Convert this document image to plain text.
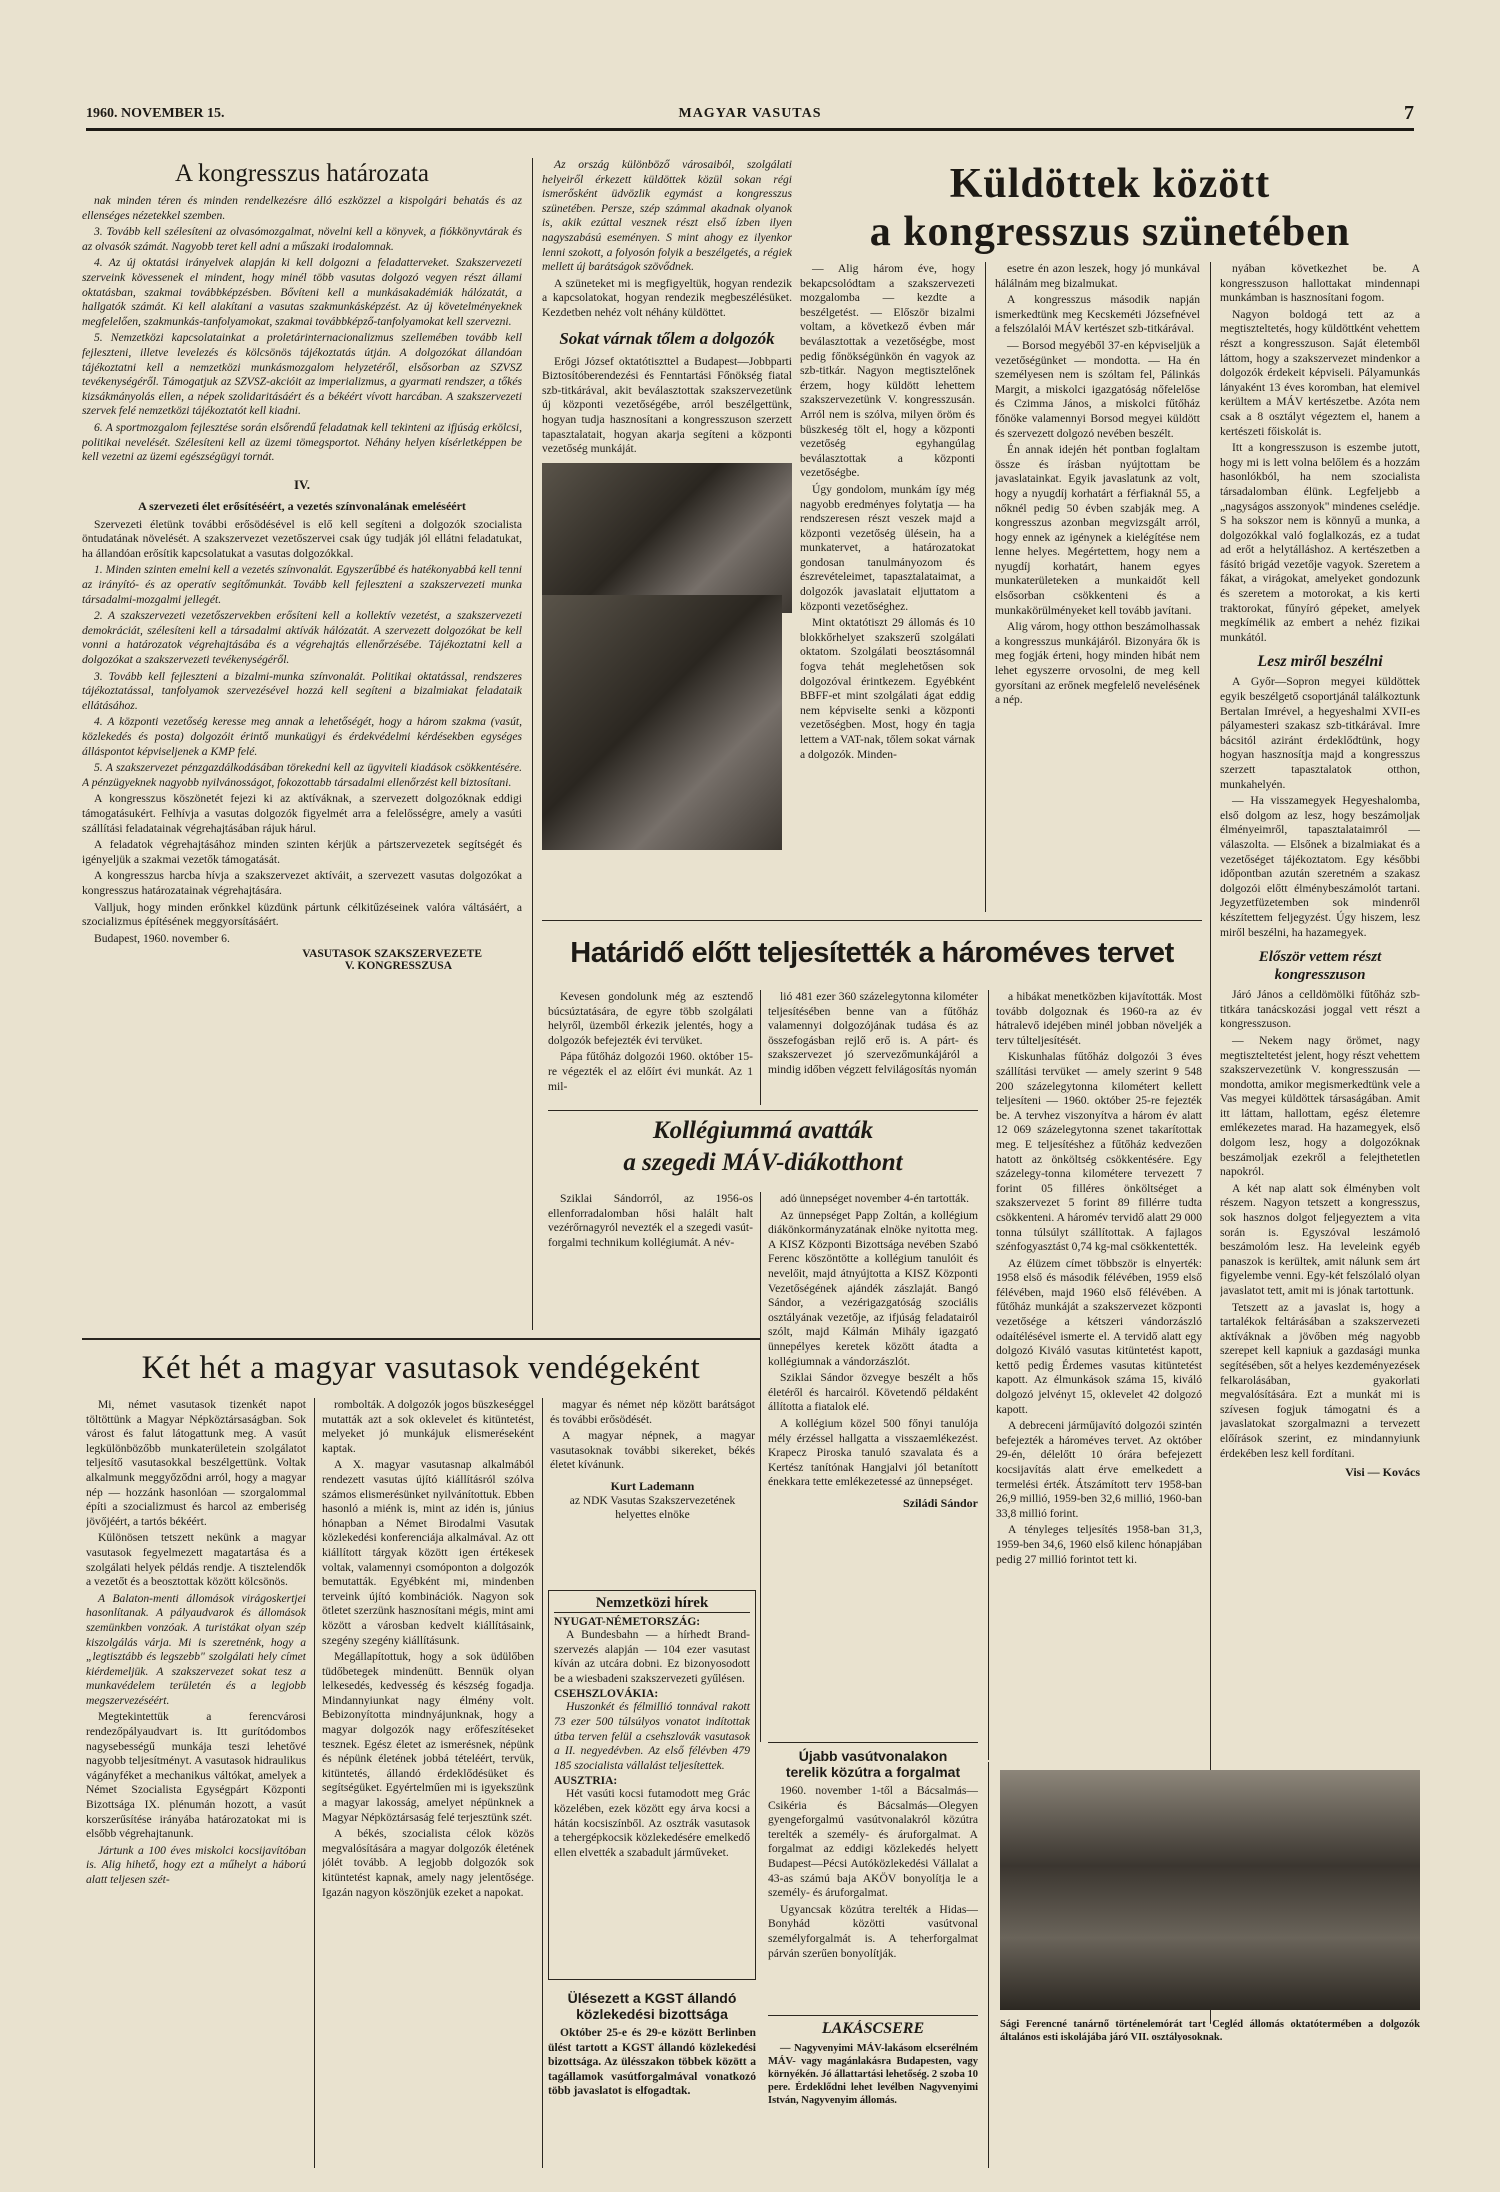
1960. NOVEMBER 15.	MAGYAR VASUTAS	7
A kongresszus határozata

nak minden téren és minden rendelkezésre álló eszközzel a kispolgári behatás és az ellenséges nézetekkel szemben.

3. Tovább kell szélesíteni az olvasómozgalmat, növelni kell a könyvek, a fiókkönyvtárak és az olvasók számát. Nagyobb teret kell adni a műszaki irodalomnak.

4. Az új oktatási irányelvek alapján ki kell dolgozni a feladatterveket. Szakszervezeti szerveink kövessenek el mindent, hogy minél több vasutas dolgozó vegyen részt állami oktatásban, szakmai továbbképzésben. Bővíteni kell a munkásakadémiák hálózatát, a hallgatók számát. Ki kell alakítani a vasutas szakmunkásképzést. Az új követelményeknek megfelelően, szakmunkás-tanfolyamokat, szakmai továbbképző-tanfolyamokat kell szervezni.

5. Nemzetközi kapcsolatainkat a proletárinternacionalizmus szellemében tovább kell fejleszteni, illetve levelezés és kölcsönös tájékoztatás útján. A dolgozókat állandóan tájékoztatni kell a nemzetközi munkásmozgalom helyzetéről, elsősorban az SZVSZ tevékenységéről. Támogatjuk az SZVSZ-akcióit az imperializmus, a gyarmati rendszer, a tőkés kizsákmányolás ellen, a népek szolidaritásáért és a békéért vívott harcában. A szakszervezeti szervek felé nemzetközi tájékoztatót kell kiadni.

6. A sportmozgalom fejlesztése során elsőrendű feladatnak kell tekinteni az ifjúság erkölcsi, politikai nevelését. Szélesíteni kell az üzemi tömegsportot. Néhány helyen kísérletképpen be kell vezetni az üzemi egészségügyi tornát.

IV.
A szervezeti élet erősítéséért, a vezetés színvonalának emeléséért

Szervezeti életünk további erősödésével is elő kell segíteni a dolgozók szocialista öntudatának növelését. A szakszervezet vezetőszervei csak úgy tudják jól ellátni feladatukat, ha állandóan erősítik kapcsolatukat a vasutas dolgozókkal.

1. Minden szinten emelni kell a vezetés színvonalát. Egyszerűbbé és hatékonyabbá kell tenni az irányító- és az operatív segítőmunkát. Tovább kell fejleszteni a szakszervezeti munka társadalmi-mozgalmi jellegét.

2. A szakszervezeti vezetőszervekben erősíteni kell a kollektív vezetést, a szakszervezeti demokráciát, szélesíteni kell a társadalmi aktívák hálózatát. A szervezett dolgozókat be kell vonni a határozatok végrehajtásába és a végrehajtás ellenőrzésébe. Tájékoztatni kell a dolgozókat a szakszervezeti tevékenységéről.

3. Tovább kell fejleszteni a bizalmi-munka színvonalát. Politikai oktatással, rendszeres tájékoztatással, tanfolyamok szervezésével hozzá kell segíteni a bizalmiakat feladataik ellátásához.

4. A központi vezetőség keresse meg annak a lehetőségét, hogy a három szakma (vasút, közlekedés és posta) dolgozóit érintő munkaügyi és érdekvédelmi kérdésekben egységes álláspontot képviseljenek a KMP felé.

5. A szakszervezet pénzgazdálkodásában törekedni kell az ügyviteli kiadások csökkentésére. A pénzügyeknek nagyobb nyilvánosságot, fokozottabb társadalmi ellenőrzést kell biztosítani.

A kongresszus köszönetét fejezi ki az aktíváknak, a szervezett dolgozóknak eddigi támogatásukért. Felhívja a vasutas dolgozók figyelmét arra a felelősségre, amely a vasúti szállítási feladatainak végrehajtásában rájuk hárul.

A feladatok végrehajtásához minden szinten kérjük a pártszervezetek segítségét és igényeljük a szakmai vezetők támogatását.

A kongresszus harcba hívja a szakszervezet aktíváit, a szervezett vasutas dolgozókat a kongresszus határozatainak végrehajtására.

Valljuk, hogy minden erőnkkel küzdünk pártunk célkitűzéseinek valóra váltásáért, a szocializmus építésének meggyorsításáért.

Budapest, 1960. november 6.

VASUTASOK SZAKSZERVEZETE
V. KONGRESSZUSA

Az ország különböző városaiból, szolgálati helyeiről érkezett küldöttek közül sokan régi ismerősként üdvözlik egymást a kongresszus szünetében. Persze, szép számmal akadnak olyanok is, akik ezúttal vesznek részt első ízben ilyen nagyszabású eseményen. S mint ahogy ez ilyenkor lenni szokott, a folyosón folyik a beszélgetés, a régiek mellett új barátságok szövődnek.

A szüneteket mi is megfigyeltük, hogyan rendezik a kapcsolatokat, hogyan rendezik megbeszélésüket. Kezdetben nehéz volt néhány küldöttet.

Sokat várnak tőlem a dolgozók

Erőgi József oktatótiszttel a Budapest—Jobbparti Biztosítóberendezési és Fenntartási Főnökség fiatal szb-titkárával, akit beválasztottak szakszervezetünk új központi vezetőségébe, arról beszélgettünk, hogyan tudja hasznosítani a kongresszuson szerzett tapasztalatait, hogyan akarja segíteni a központi vezetőség munkáját.

Küldöttek között
a kongresszus szünetében

— Alig három éve, hogy bekapcsolódtam a szakszervezeti mozgalomba — kezdte a beszélgetést. — Először bizalmi voltam, a következő évben már beválasztottak a vezetőségbe, most pedig főnökségünkön én vagyok az szb-titkár. Nagyon megtisztelőnek érzem, hogy küldött lehettem szakszervezetünk V. kongresszusán. Arról nem is szólva, milyen öröm és büszkeség tölt el, hogy a központi vezetőség egyhangúlag beválasztottak a központi vezetőségbe.

Úgy gondolom, munkám így még nagyobb eredményes folytatja — ha rendszeresen részt veszek majd a központi vezetőség ülésein, ha a munkatervet, a határozatokat gondosan tanulmányozom és észrevételeimet, tapasztalataimat, a dolgozók javaslatait eljuttatom a központi vezetőséghez.

Mint oktatótiszt 29 állomás és 10 blokkőrhelyet szakszerű szolgálati oktatom. Szolgálati beosztásomnál fogva tehát meglehetősen sok dolgozóval érintkezem. Egyébként BBFF-et mint szolgálati ágat eddig nem képviselte senki a központi vezetőségben. Most, hogy én tagja lettem a VAT-nak, tőlem sokat várnak a dolgozók. Minden-

esetre én azon leszek, hogy jó munkával hálálnám meg bizalmukat.

A kongresszus második napján ismerkedtünk meg Kecskeméti Józsefnével a felszólalói MÁV kertészet szb-titkárával.

— Borsod megyéből 37-en képviseljük a vezetőségünket — mondotta. — Ha én személyesen nem is szóltam fel, Pálinkás Margit, a miskolci igazgatóság nőfelelőse és Czimma János, a miskolci fűtőház főnöke valamennyi Borsod megyei küldött és szervezett dolgozó nevében beszélt.

Én annak idején hét pontban foglaltam össze és írásban nyújtottam be javaslatainkat. Egyik javaslatunk az volt, hogy a nyugdíj korhatárt a férfiaknál 55, a nőknél pedig 50 évben szabják meg. A kongresszus azonban megvizsgált arról, hogy ennek az igénynek a kielégítése nem lenne helyes. Megértettem, hogy nem a nyugdíj korhatárt, hanem egyes munkaterületeken a munkaidőt kell elsősorban csökkenteni és a munkakörülményeket kell tovább javítani.

Alig várom, hogy otthon beszámolhassak a kongresszus munkájáról. Bizonyára ők is meg fogják érteni, hogy minden hibát nem lehet egyszerre orvosolni, de meg kell gyorsítani az erőnek megfelelő nevelésének a nép.

nyában következhet be. A kongresszuson hallottakat mindennapi munkámban is hasznosítani fogom.

Nagyon boldogá tett az a megtiszteltetés, hogy küldöttként vehettem részt a kongresszuson. Saját életemből láttom, hogy a szakszervezet mindenkor a dolgozók érdekeit képviseli. Pályamunkás lányaként 13 éves koromban, hat elemivel kerültem a MÁV kertészetbe. Azóta nem csak a 8 osztályt végeztem el, hanem a kertészeti főiskolát is.

Itt a kongresszuson is eszembe jutott, hogy mi is lett volna belőlem és a hozzám hasonlókból, ha nem szocialista társadalomban élünk. Legfeljebb a „nagyságos asszonyok" mindenes cselédje. S ha sokszor nem is könnyű a munka, a dolgozókkal való foglalkozás, ez a tudat ad erőt a helytálláshoz. A kertészetben a fásító brigád vezetője vagyok. Szeretem a fákat, a virágokat, amelyeket gondozunk és szeretem a motorokat, a kis kerti traktorokat, fűnyíró gépeket, amelyek megkímélik az embert a nehéz fizikai munkától.

Lesz miről beszélni

A Győr—Sopron megyei küldöttek egyik beszélgető csoportjánál találkoztunk Bertalan Imrével, a hegyeshalmi XVII-es pályamesteri szakasz szb-titkárával. Imre bácsitól aziránt érdeklődtünk, hogy hogyan hasznosítja majd a kongresszus szerzett tapasztalatok otthon, munkahelyén.

— Ha visszamegyek Hegyeshalomba, első dolgom az lesz, hogy beszámoljak élményeimről, tapasztalataimról — válaszolta. — Elsőnek a bizalmiakat és a vezetőséget tájékoztatom. Egy későbbi időpontban azután szeretném a szakasz dolgozói előtt élménybeszámolót tartani. Jegyzetfüzetemben sok mindenről készítettem feljegyzést. Úgy hiszem, lesz miről beszélni, ha hazamegyek.

Először vettem részt kongresszuson

Járó János a celldömölki fűtőház szb-titkára tanácskozási joggal vett részt a kongresszuson.

— Nekem nagy örömet, nagy megtiszteltetést jelent, hogy részt vehettem szakszervezetünk V. kongresszusán — mondotta, amikor megismerkedtünk vele a Vas megyei küldöttek társaságában. Amit itt láttam, hallottam, egész életemre emlékezetes marad. Ha hazamegyek, első dolgom lesz, hogy a dolgozóknak beszámoljak ezekről a felejthetetlen napokról.

A két nap alatt sok élményben volt részem. Nagyon tetszett a kongresszus, sok hasznos dolgot feljegyeztem a vita során is. Egyszóval leszámoló beszámolóm lesz. Ha leveleink egyéb panaszok is kerültek, amit nálunk sem árt figyelembe venni. Egy-két felszólaló olyan javaslatot tett, amit mi is jónak tartottunk.

Tetszett az a javaslat is, hogy a tartalékok feltárásában a szakszervezeti aktíváknak a jövőben még nagyobb szerepet kell kapniuk a gazdasági munka segítésében, sőt a helyes kezdeményezések felkarolásában, gyakorlati megvalósítására. Ezt a munkát mi is szívesen fogjuk támogatni és a javaslatokat szorgalmazni a tervezett előírások szerint, ez mindannyiunk érdekében lesz kell fordítani.

Visi — Kovács
Határidő előtt teljesítették a hároméves tervet

Kevesen gondolunk még az esztendő búcsúztatására, de egyre több szolgálati helyről, üzemből érkezik jelentés, hogy a dolgozók befejezték évi tervüket.

Pápa fűtőház dolgozói 1960. október 15-re végezték el az előírt évi munkát. Az 1 mil-

lió 481 ezer 360 százelegytonna kilométer teljesítésében benne van a fűtőház valamennyi dolgozójának tudása és az összefogásban rejlő erő is. A párt- és szakszervezet jó szervezőmunkájáról a mindig időben végzett felvilágosítás nyomán

a hibákat menetközben kijavították. Most tovább dolgoznak és 1960-ra az év hátralevő idejében minél jobban növeljék a terv túlteljesítését.

Kiskunhalas fűtőház dolgozói 3 éves szállítási tervüket — amely szerint 9 548 200 százelegytonna kilométert kellett teljesíteni — 1960. október 25-re fejezték be. A tervhez viszonyítva a három év alatt 12 069 százelegytonna szenet takarítottak meg. E teljesítéshez a fűtőház kedvezően hatott az önköltség csökkentésére. Egy százelegy-tonna kilométere tervezett 7 forint 05 filléres önköltséget a szakszervezet 5 forint 89 fillérre tudta csökkenteni. A háromév tervidő alatt 29 000 tonna túlsúlyt szállítottak. A fajlagos szénfogyasztást 0,74 kg-mal csökkentették.

Az élüzem címet többször is elnyerték: 1958 első és második félévében, 1959 első félévében, majd 1960 első félévében. A fűtőház munkáját a szakszervezet központi vezetősége a kétszeri vándorzászló odaítélésével ismerte el. A tervidő alatt egy dolgozó Kiváló vasutas kitüntetést kapott, kettő pedig Érdemes vasutas kitüntetést kapott. Az élmunkások száma 15, kiváló dolgozó jelvényt 15, oklevelet 42 dolgozó kapott.

A debreceni járműjavító dolgozói szintén befejezték a hároméves tervet. Az október 29-én, délelőtt 10 órára befejezett kocsijavítás alatt érve emelkedett a termelési érték. Átszámított terv 1958-ban 26,9 millió, 1959-ben 32,6 millió, 1960-ban 33,8 millió forint.

A tényleges teljesítés 1958-ban 31,3, 1959-ben 34,6, 1960 első kilenc hónapjában pedig 27 millió forintot tett ki.

Kollégiummá avatták
a szegedi MÁV-diákotthont

Sziklai Sándorról, az 1956-os ellenforradalomban hősi halált halt vezérőrnagyról nevezték el a szegedi vasút-forgalmi technikum kollégiumát. A név-

adó ünnepséget november 4-én tartották.

Az ünnepséget Papp Zoltán, a kollégium diákönkormányzatának elnöke nyitotta meg. A KISZ Központi Bizottsága nevében Szabó Ferenc köszöntötte a kollégium tanulóit és nevelőit, majd átnyújtotta a KISZ Központi Vezetőségének ajándék zászlaját. Bangó Sándor, a vezérigazgatóság szociális osztályának vezetője, az ifjúság feladatairól szólt, majd Kálmán Mihály igazgató ünnepélyes keretek között átadta a kollégiumnak a vándorzászlót.

Sziklai Sándor özvegye beszélt a hős életéről és harcairól. Követendő példaként állította a fiatalok elé.

A kollégium közel 500 főnyi tanulója mély érzéssel hallgatta a visszaemlékezést. Krapecz Piroska tanuló szavalata és a Kertész tanítónak Hangjalvi jól betanított énekkara tette emlékezetessé az ünnepséget.

Sziládi Sándor
Két hét a magyar vasutasok vendégeként

Mi, német vasutasok tizenkét napot töltöttünk a Magyar Népköztársaságban. Sok várost és falut látogattunk meg. A vasút legkülönbözőbb munkaterületein szolgálatot teljesítő vasutasokkal beszélgettünk. Voltak alkalmunk meggyőződni arról, hogy a magyar nép — hozzánk hasonlóan — szorgalommal építi a szocializmust és harcol az emberiség jövőjéért, a tartós békéért.

Különösen tetszett nekünk a magyar vasutasok fegyelmezett magatartása és a szolgálati helyek példás rendje. A tisztelendők a vezetőt és a beosztottak között kölcsönös.

A Balaton-menti állomások virágoskertjei hasonlítanak. A pályaudvarok és állomások szemünkben vonzóak. A turistákat olyan szép kiszolgálás várja. Mi is szeretnénk, hogy a „legtisztább és legszebb" szolgálati hely címet kiérdemeljük. A szakszervezet sokat tesz a munkavédelem területén és a legjobb megszervezéséért.

Megtekintettük a ferencvárosi rendezőpályaudvart is. Itt gurítódombos nagysebességű munkája teszi lehetővé nagyobb teljesítményt. A vasutasok hidraulikus vágányféket a mechanikus váltókat, amelyek a Német Szocialista Egységpárt Központi Bizottsága IX. plénumán hozott, a vasút korszerűsítése irányába határozatokat mi is elsőbb végrehajtanunk.

Jártunk a 100 éves miskolci kocsijavítóban is. Alig hihető, hogy ezt a műhelyt a háború alatt teljesen szét-

rombolták. A dolgozók jogos büszkeséggel mutatták azt a sok oklevelet és kitüntetést, melyeket jó munkájuk elismeréseként kaptak.

A X. magyar vasutasnap alkalmából rendezett vasutas újító kiállításról szólva számos elismerésünket nyilvánítottuk. Ebben hasonló a miénk is, mint az idén is, június hónapban a Német Birodalmi Vasutak közlekedési konferenciája alkalmával. Az ott kiállított tárgyak között igen értékesek voltak, valamennyi csomóponton a dolgozók bemutatták. Egyébként mi, mindenben terveink újító kombinációk. Nagyon sok ötletet szerzünk hasznosítani mégis, mint ami között a városban kedvelt kiállításaink, szegény szegény kiállításunk.

Megállapítottuk, hogy a sok üdülőben tüdőbetegek mindenütt. Bennük olyan lelkesedés, kedvesség és készség fogadja. Mindannyiunkat nagy élmény volt. Bebizonyította mindnyájunknak, hogy a magyar dolgozók nagy erőfeszítéseket tesznek. Egész életet az ismerésnek, népünk és népünk életének jobbá tételéért, tervük, kitüntetés, állandó érdeklődésüket és segítségüket. Egyértelműen mi is igyekszünk a magyar lakosság, amelyet népünknek a Magyar Népköztársaság felé terjesztünk szét.

A békés, szocialista célok közös megvalósítására a magyar dolgozók életének jólét tovább. A legjobb dolgozók sok kitüntetést kapnak, amely nagy jelentősége. Igazán nagyon köszönjük ezeket a napokat.

magyar és német nép között barátságot és további erősödését.

A magyar népnek, a magyar vasutasoknak további sikereket, békés életet kívánunk.

Kurt Lademann
az NDK Vasutas Szakszervezetének helyettes elnöke
Nemzetközi hírek
NYUGAT-NÉMETORSZÁG:

A Bundesbahn — a hírhedt Brand-szervezés alapján — 104 ezer vasutast kíván az utcára dobni. Ez bizonyosodott be a wiesbadeni szakszervezeti gyűlésen.

CSEHSZLOVÁKIA:

Huszonkét és félmillió tonnával rakott 73 ezer 500 túlsúlyos vonatot indítottak útba terven felül a csehszlovák vasutasok a II. negyedévben. Az első félévben 479 185 szocialista vállalást teljesítettek.

AUSZTRIA:

Hét vasúti kocsi futamodott meg Grác közelében, ezek között egy árva kocsi a hátán kocsiszínből. Az osztrák vasutasok a tehergépkocsik közlekedésére emelkedő ellen elvették a szabadult járműveket.

Ülésezett a KGST állandó
közlekedési bizottsága

Október 25-e és 29-e között Berlinben ülést tartott a KGST állandó közlekedési bizottsága. Az ülésszakon többek között a tagállamok vasútforgalmával vonatkozó több javaslatot is elfogadtak.

Újabb vasútvonalakon
terelik közútra a forgalmat

1960. november 1-től a Bácsalmás—Csikéria és Bácsalmás—Olegyen gyengeforgalmú vasútvonalakról közútra terelték a személy- és áruforgalmat. A forgalmat az eddigi közlekedés helyett Budapest—Pécsi Autóközlekedési Vállalat a 43-as számú baja AKÖV bonyolítja le a személy- és áruforgalmat.

Ugyancsak közútra terelték a Hidas—Bonyhád közötti vasútvonal személyforgalmát is. A teherforgalmat párván szerűen bonyolítják.

LAKÁSCSERE

— Nagyvenyimi MÁV-lakásom elcserélném MÁV- vagy magánlakásra Budapesten, vagy környékén. Jó állattartási lehetőség. 2 szoba 10 pere. Érdeklődni lehet levélben Nagyvenyimi István, Nagyvenyim állomás.

Sági Ferencné tanárnő történelemórát tart Cegléd állomás oktatótermében a dolgozók általános esti iskolájába járó VII. osztályosoknak.
